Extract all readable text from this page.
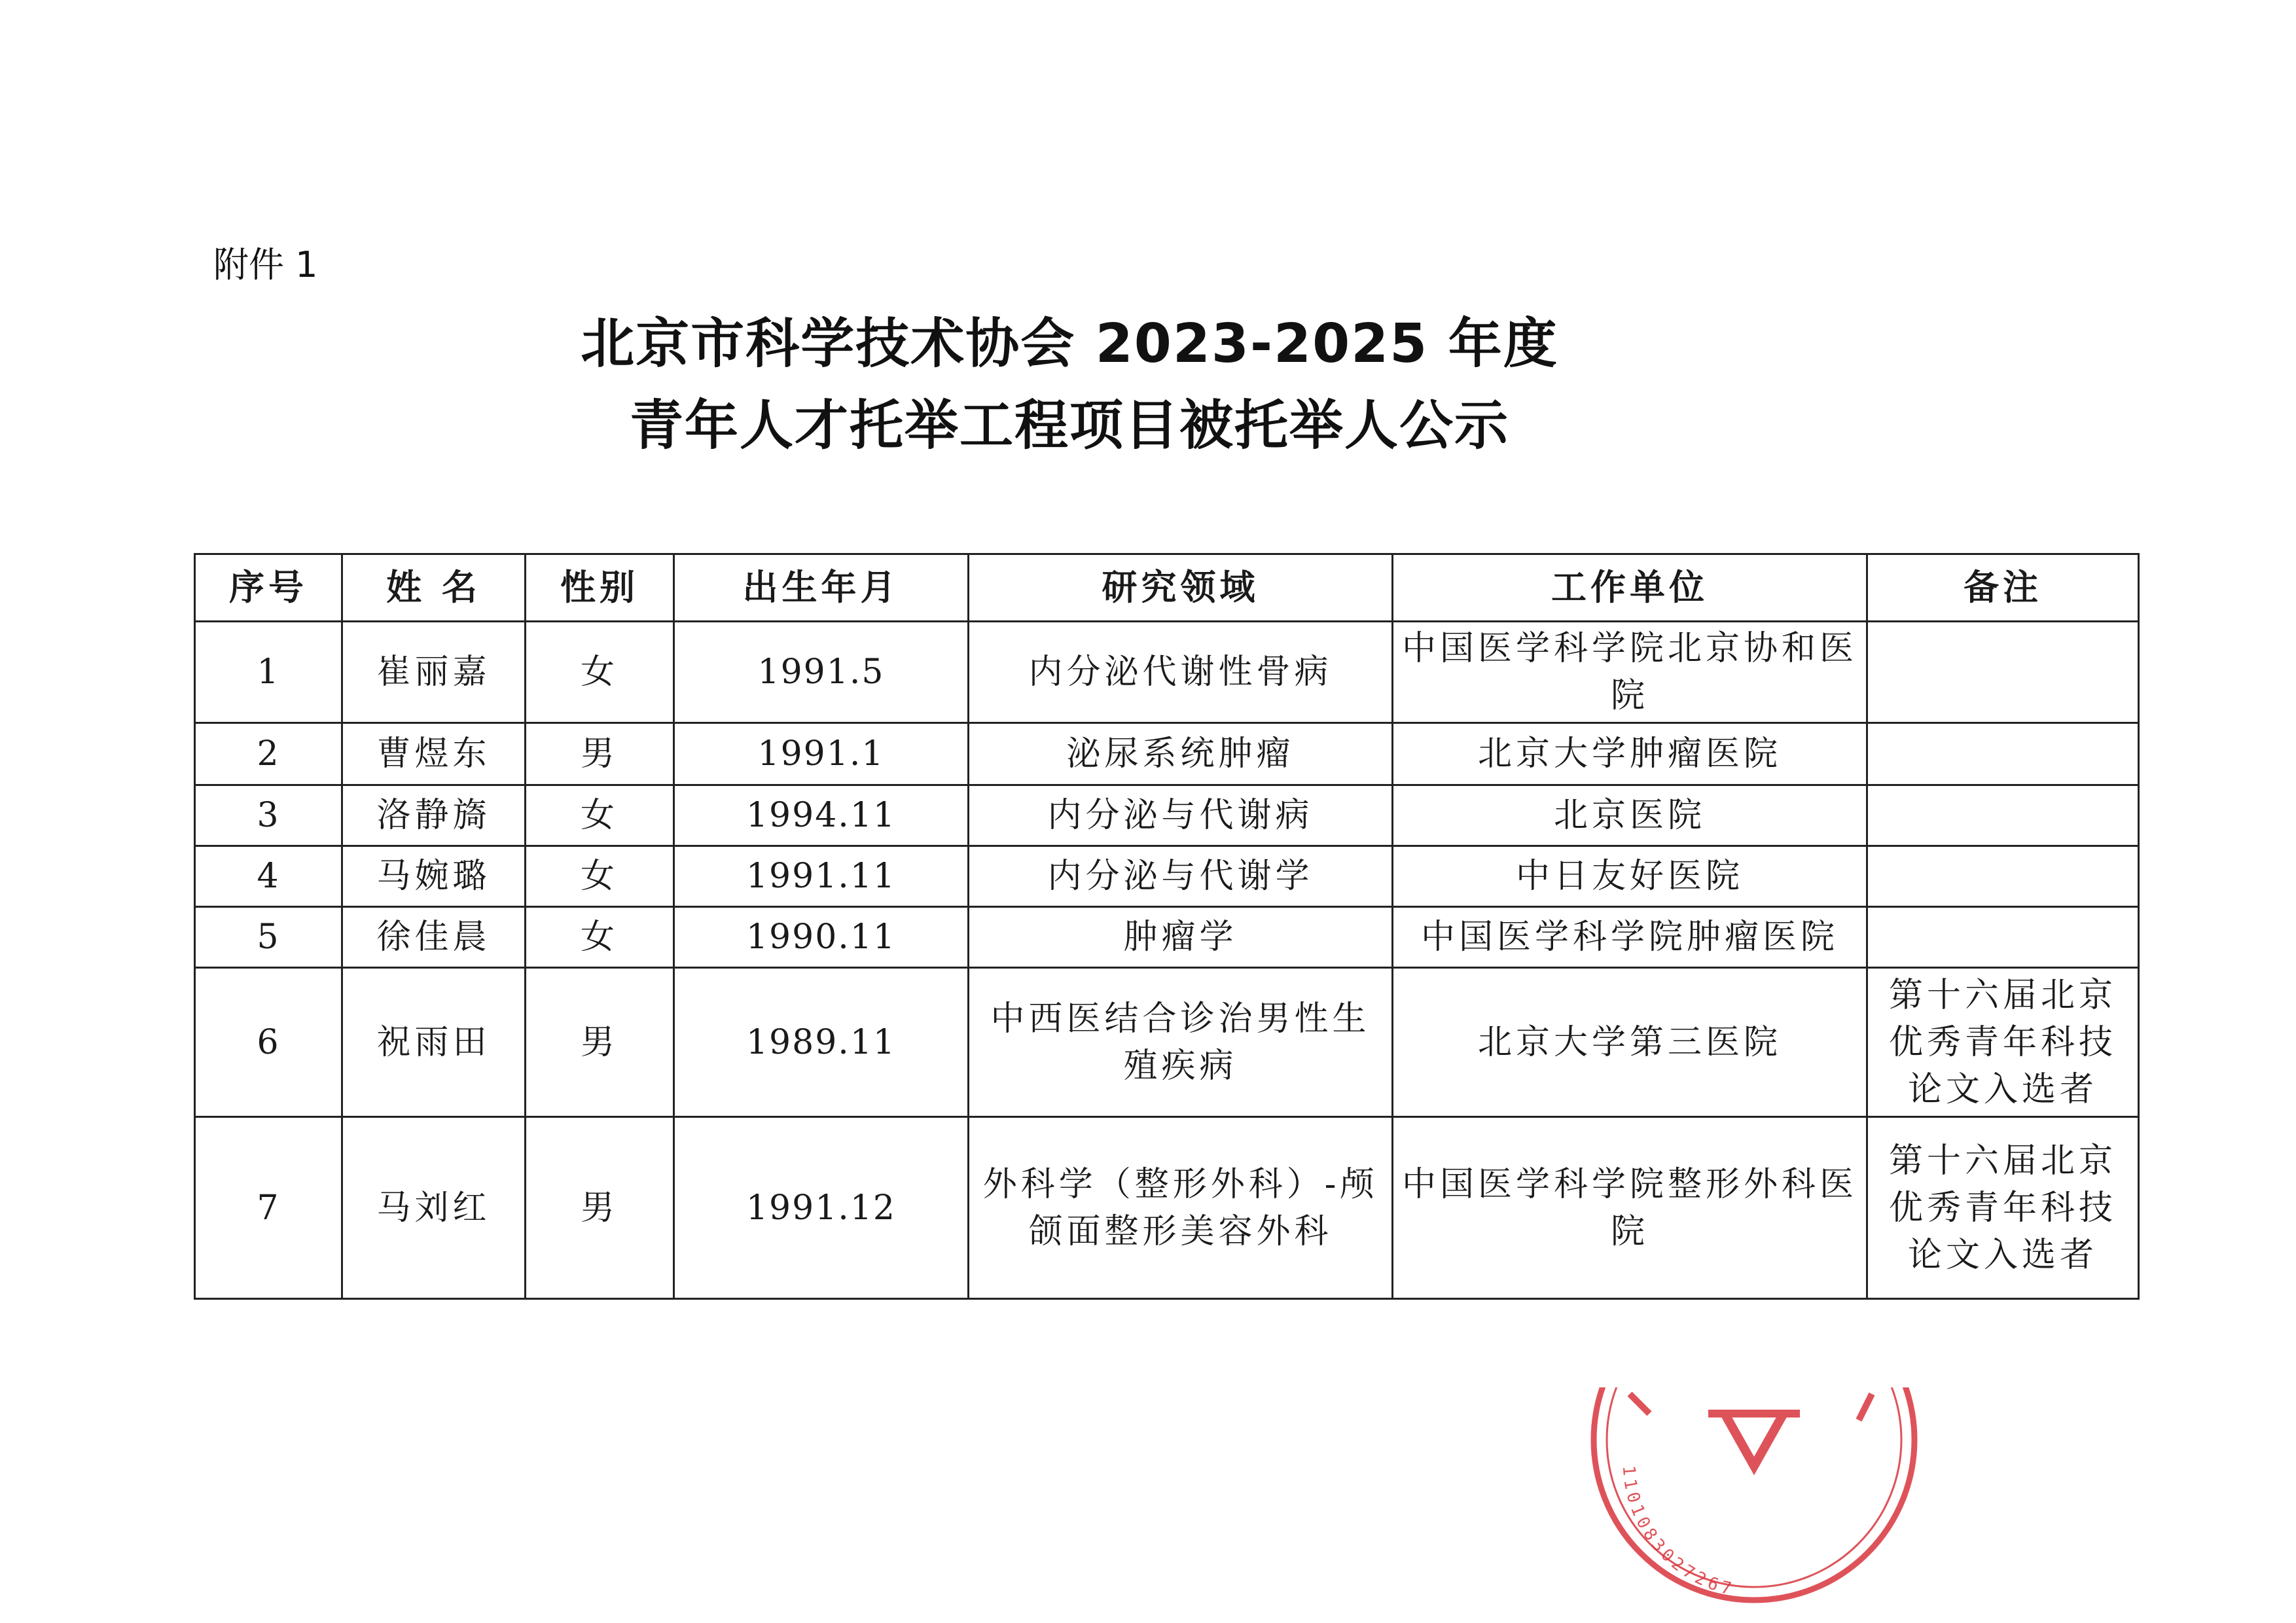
附件 1
北京市科学技术协会 2023-2025 年度
青年人才托举工程项目被托举人公示
序号	姓 名	性别	出生年月	研究领域	工作单位	备注
1	崔丽嘉	女	1991.5	内分泌代谢性骨病	中国医学科学院北京协和医院	
2	曹煜东	男	1991.1	泌尿系统肿瘤	北京大学肿瘤医院	
3	洛静旖	女	1994.11	内分泌与代谢病	北京医院	
4	马婉璐	女	1991.11	内分泌与代谢学	中日友好医院	
5	徐佳晨	女	1990.11	肿瘤学	中国医学科学院肿瘤医院	
6	祝雨田	男	1989.11	中西医结合诊治男性生殖疾病	北京大学第三医院	第十六届北京优秀青年科技论文入选者
7	马刘红	男	1991.12	外科学（整形外科）-颅颌面整形美容外科	中国医学科学院整形外科医院	第十六届北京优秀青年科技论文入选者
1101083027267
